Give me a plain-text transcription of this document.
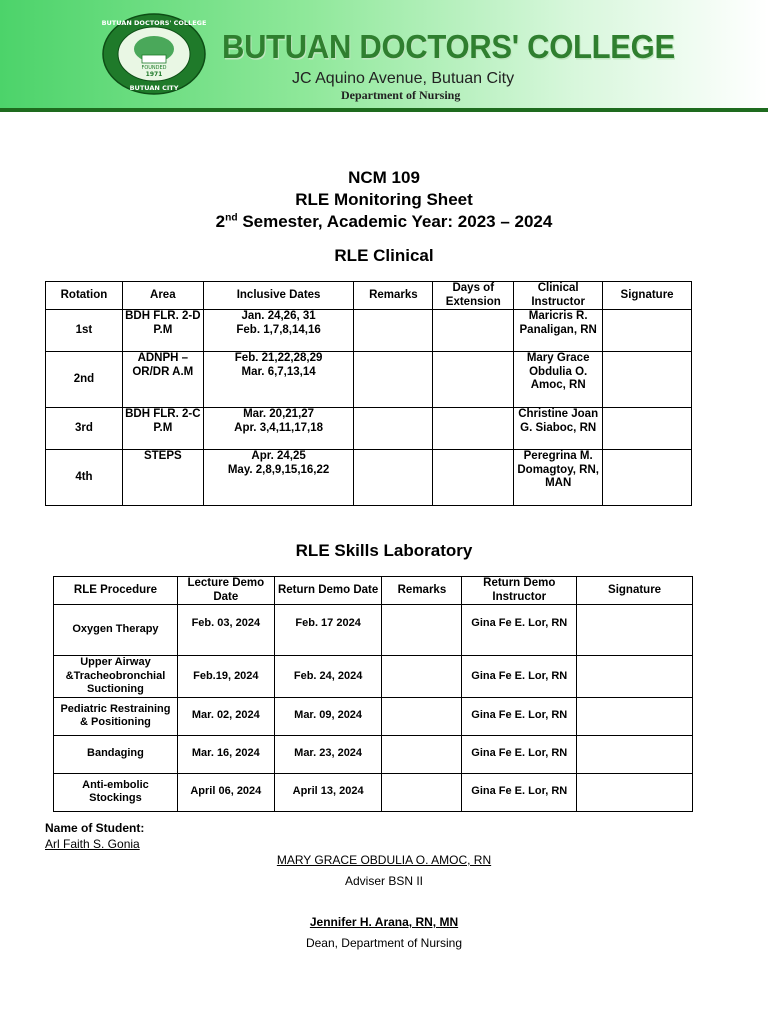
FOUNDED
1971
BUTUAN DOCTORS' COLLEGE
BUTUAN CITY
BUTUAN DOCTORS' COLLEGE
JC Aquino Avenue, Butuan City
Department of Nursing
NCM 109
RLE Monitoring Sheet
2nd Semester, Academic Year: 2023 – 2024
RLE Clinical
Rotation	Area	Inclusive Dates	Remarks	Days of Extension	Clinical Instructor	Signature
1st	BDH FLR. 2-D P.M	Jan. 24,26, 31
Feb. 1,7,8,14,16			Maricris R. Panaligan, RN	
2nd	ADNPH – OR/DR A.M	Feb. 21,22,28,29
Mar. 6,7,13,14			Mary Grace Obdulia O. Amoc, RN	
3rd	BDH FLR. 2-C P.M	Mar. 20,21,27
Apr. 3,4,11,17,18			Christine Joan G. Siaboc, RN	
4th	STEPS	Apr. 24,25
May. 2,8,9,15,16,22			Peregrina M. Domagtoy, RN, MAN	
RLE Skills Laboratory
RLE Procedure	Lecture Demo Date	Return Demo Date	Remarks	Return Demo Instructor	Signature
Oxygen Therapy	Feb. 03, 2024	Feb. 17 2024		Gina Fe E. Lor, RN	
Upper Airway &Tracheobronchial Suctioning	Feb.19, 2024	Feb. 24, 2024		Gina Fe E. Lor, RN	
Pediatric Restraining & Positioning	Mar. 02, 2024	Mar. 09, 2024		Gina Fe E. Lor, RN	
Bandaging	Mar. 16, 2024	Mar. 23, 2024		Gina Fe E. Lor, RN	
Anti-embolic Stockings	April 06, 2024	April 13, 2024		Gina Fe E. Lor, RN	
Name of Student:
Arl Faith S. Gonia
MARY GRACE OBDULIA O. AMOC, RN
Adviser BSN II
Jennifer H. Arana, RN, MN
Dean, Department of Nursing
